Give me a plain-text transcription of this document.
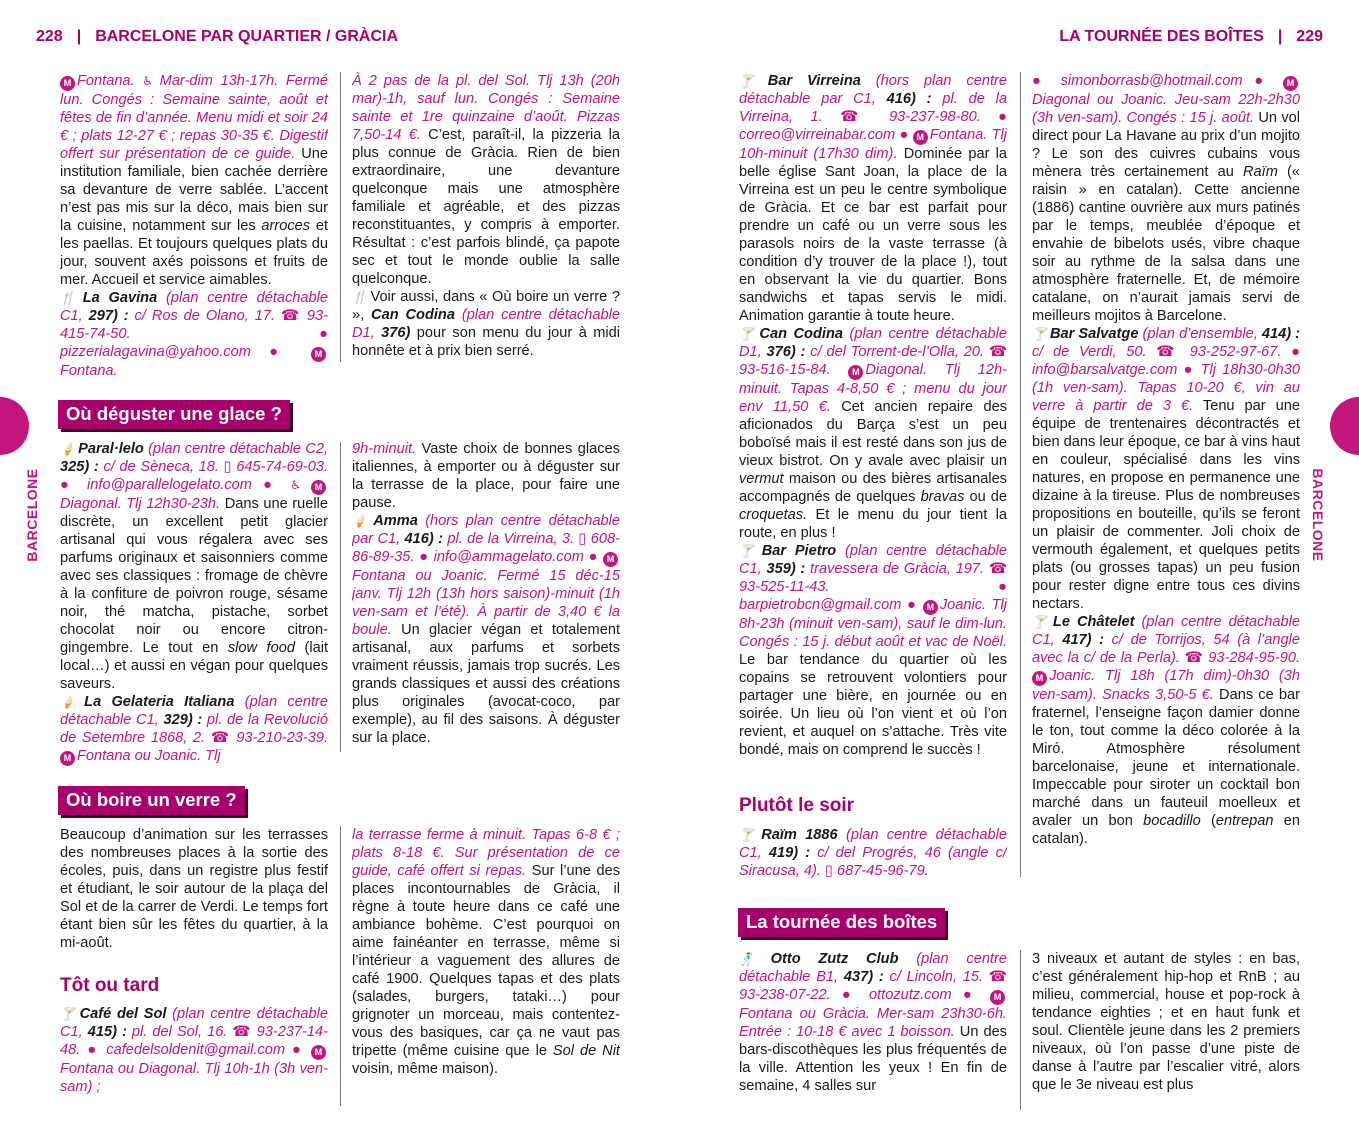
228 | BARCELONE PAR QUARTIER / GRÀCIA	LA TOURNÉE DES BOÎTES | 229
BARCELONE	BARCELONE

M Fontana. ♿ Mar-dim 13h-17h. Fermé lun. Congés : Semaine sainte, août et fêtes de fin d’année. Menu midi et soir 24 € ; plats 12-27 € ; repas 30-35 €. Digestif offert sur présentation de ce guide. Une institution familiale, bien cachée derrière sa devanture de verre sablée. L’accent n’est pas mis sur la déco, mais bien sur la cuisine, notamment sur les arroces et les paellas. Et toujours quelques plats du jour, souvent axés poissons et fruits de mer. Accueil et service aimables.

🍴 La Gavina (plan centre détachable C1, 297) : c/ Ros de Olano, 17. ☎ 93-415-74-50. ● pizzerialagavina@yahoo.com ● MFontana.

À 2 pas de la pl. del Sol. Tlj 13h (20h mar)-1h, sauf lun. Congés : Semaine sainte et 1re quinzaine d’août. Pizzas 7,50-14 €. C’est, paraît-il, la pizzeria la plus connue de Gràcia. Rien de bien extraordinaire, une devanture quelconque mais une atmosphère familiale et agréable, et des pizzas reconstituantes, y compris à emporter. Résultat : c’est parfois blindé, ça papote sec et tout le monde oublie la salle quelconque.

🍴 Voir aussi, dans « Où boire un verre ? », Can Codina (plan centre détachable D1, 376) pour son menu du jour à midi honnête et à prix bien serré.

Où déguster une glace ?

🍦 Paral·lelo (plan centre détachable C2, 325) : c/ de Sèneca, 18. ▯ 645-74-69-03. ● info@parallelogelato.com ● ♿ MDiagonal. Tlj 12h30-23h. Dans une ruelle discrète, un excellent petit glacier artisanal qui vous régalera avec ses parfums originaux et saisonniers comme avec ses classiques : fromage de chèvre à la confiture de poivron rouge, sésame noir, thé matcha, pistache, sorbet chocolat noir ou encore citron-gingembre. Le tout en slow food (lait local…) et aussi en végan pour quelques saveurs.

🍦 La Gelateria Italiana (plan centre détachable C1, 329) : pl. de la Revolució de Setembre 1868, 2. ☎ 93-210-23-39. M Fontana ou Joanic. Tlj

9h-minuit. Vaste choix de bonnes glaces italiennes, à emporter ou à déguster sur la terrasse de la place, pour faire une pause.

🍦 Amma (hors plan centre détachable par C1, 416) : pl. de la Virreina, 3. ▯ 608-86-89-35. ● info@ammagelato.com ● MFontana ou Joanic. Fermé 15 déc-15 janv. Tlj 12h (13h hors saison)-minuit (1h ven-sam et l’été). À partir de 3,40 € la boule. Un glacier végan et totalement artisanal, aux parfums et sorbets vraiment réussis, jamais trop sucrés. Les grands classiques et aussi des créations plus originales (avocat-coco, par exemple), au fil des saisons. À déguster sur la place.

Où boire un verre ?

Beaucoup d’animation sur les terrasses des nombreuses places à la sortie des écoles, puis, dans un registre plus festif et étudiant, le soir autour de la plaça del Sol et de la carrer de Verdi. Le temps fort étant bien sûr les fêtes du quartier, à la mi-août.

Tôt ou tard

🍸 Café del Sol (plan centre détachable C1, 415) : pl. del Sol, 16. ☎ 93-237-14-48. ● cafedelsoldenit@gmail.com ● MFontana ou Diagonal. Tlj 10h-1h (3h ven-sam) ;

la terrasse ferme à minuit. Tapas 6-8 € ; plats 8-18 €. Sur présentation de ce guide, café offert si repas. Sur l’une des places incontournables de Gràcia, il règne à toute heure dans ce café une ambiance bohème. C’est pourquoi on aime fainéanter en terrasse, même si l’intérieur a vaguement des allures de café 1900. Quelques tapas et des plats (salades, burgers, tataki…) pour grignoter un morceau, mais contentez-vous des basiques, car ça ne vaut pas tripette (même cuisine que le Sol de Nit voisin, même maison).

🍸 Bar Virreina (hors plan centre détachable par C1, 416) : pl. de la Virreina, 1. ☎ 93-237-98-80. ● correo@virreinabar.com ● M Fontana. Tlj 10h-minuit (17h30 dim). Dominée par la belle église Sant Joan, la place de la Virreina est un peu le centre symbolique de Gràcia. Et ce bar est parfait pour prendre un café ou un verre sous les parasols noirs de la vaste terrasse (à condition d’y trouver de la place !), tout en observant la vie du quartier. Bons sandwichs et tapas servis le midi. Animation garantie à toute heure.

🍸 Can Codina (plan centre détachable D1, 376) : c/ del Torrent-de-l’Olla, 20. ☎ 93-516-15-84. M Diagonal. Tlj 12h-minuit. Tapas 4-8,50 € ; menu du jour env 11,50 €. Cet ancien repaire des aficionados du Barça s’est un peu boboïsé mais il est resté dans son jus de vieux bistrot. On y avale avec plaisir un vermut maison ou des bières artisanales accompagnés de quelques bravas ou de croquetas. Et le menu du jour tient la route, en plus !

🍸 Bar Pietro (plan centre détachable C1, 359) : travessera de Gràcia, 197. ☎ 93-525-11-43. ● barpietrobcn@gmail.com ● M Joanic. Tlj 8h-23h (minuit ven-sam), sauf le dim-lun. Congés : 15 j. début août et vac de Noël. Le bar tendance du quartier où les copains se retrouvent volontiers pour partager une bière, en journée ou en soirée. Un lieu où l’on vient et où l’on revient, et auquel on s’attache. Très vite bondé, mais on comprend le succès !

Plutôt le soir

🍸 Raïm 1886 (plan centre détachable C1, 419) : c/ del Progrés, 46 (angle c/ Siracusa, 4). ▯ 687-45-96-79.

● simonborrasb@hotmail.com ● MDiagonal ou Joanic. Jeu-sam 22h-2h30 (3h ven-sam). Congés : 15 j. août. Un vol direct pour La Havane au prix d’un mojito ? Le son des cuivres cubains vous mènera très certainement au Raïm (« raisin » en catalan). Cette ancienne (1886) cantine ouvrière aux murs patinés par le temps, meublée d’époque et envahie de bibelots usés, vibre chaque soir au rythme de la salsa dans une atmosphère fraternelle. Et, de mémoire catalane, on n’aurait jamais servi de meilleurs mojitos à Barcelone.

🍸 Bar Salvatge (plan d’ensemble, 414) : c/ de Verdi, 50. ☎ 93-252-97-67. ● info@barsalvatge.com ● Tlj 18h30-0h30 (1h ven-sam). Tapas 10-20 €, vin au verre à partir de 3 €. Tenu par une équipe de trentenaires décontractés et bien dans leur époque, ce bar à vins haut en couleur, spécialisé dans les vins natures, en propose en permanence une dizaine à la tireuse. Plus de nombreuses propositions en bouteille, qu’ils se feront un plaisir de commenter. Joli choix de vermouth également, et quelques petits plats (ou grosses tapas) un peu fusion pour rester digne entre tous ces divins nectars.

🍸 Le Châtelet (plan centre détachable C1, 417) : c/ de Torrijos, 54 (à l’angle avec la c/ de la Perla). ☎ 93-284-95-90. M Joanic. Tlj 18h (17h dim)-0h30 (3h ven-sam). Snacks 3,50-5 €. Dans ce bar fraternel, l’enseigne façon damier donne le ton, tout comme la déco colorée à la Miró. Atmosphère résolument barcelonaise, jeune et internationale. Impeccable pour siroter un cocktail bon marché dans un fauteuil moelleux et avaler un bon bocadillo (entrepan en catalan).

La tournée des boîtes

🕺 Otto Zutz Club (plan centre détachable B1, 437) : c/ Lincoln, 15. ☎ 93-238-07-22. ● ottozutz.com ● MFontana ou Gràcia. Mer-sam 23h30-6h. Entrée : 10-18 € avec 1 boisson. Un des bars-discothèques les plus fréquentés de la ville. Attention les yeux ! En fin de semaine, 4 salles sur

3 niveaux et autant de styles : en bas, c’est généralement hip-hop et RnB ; au milieu, commercial, house et pop-rock à tendance eighties ; et en haut funk et soul. Clientèle jeune dans les 2 premiers niveaux, où l’on passe d’une piste de danse à l’autre par l’escalier vitré, alors que le 3e niveau est plus
